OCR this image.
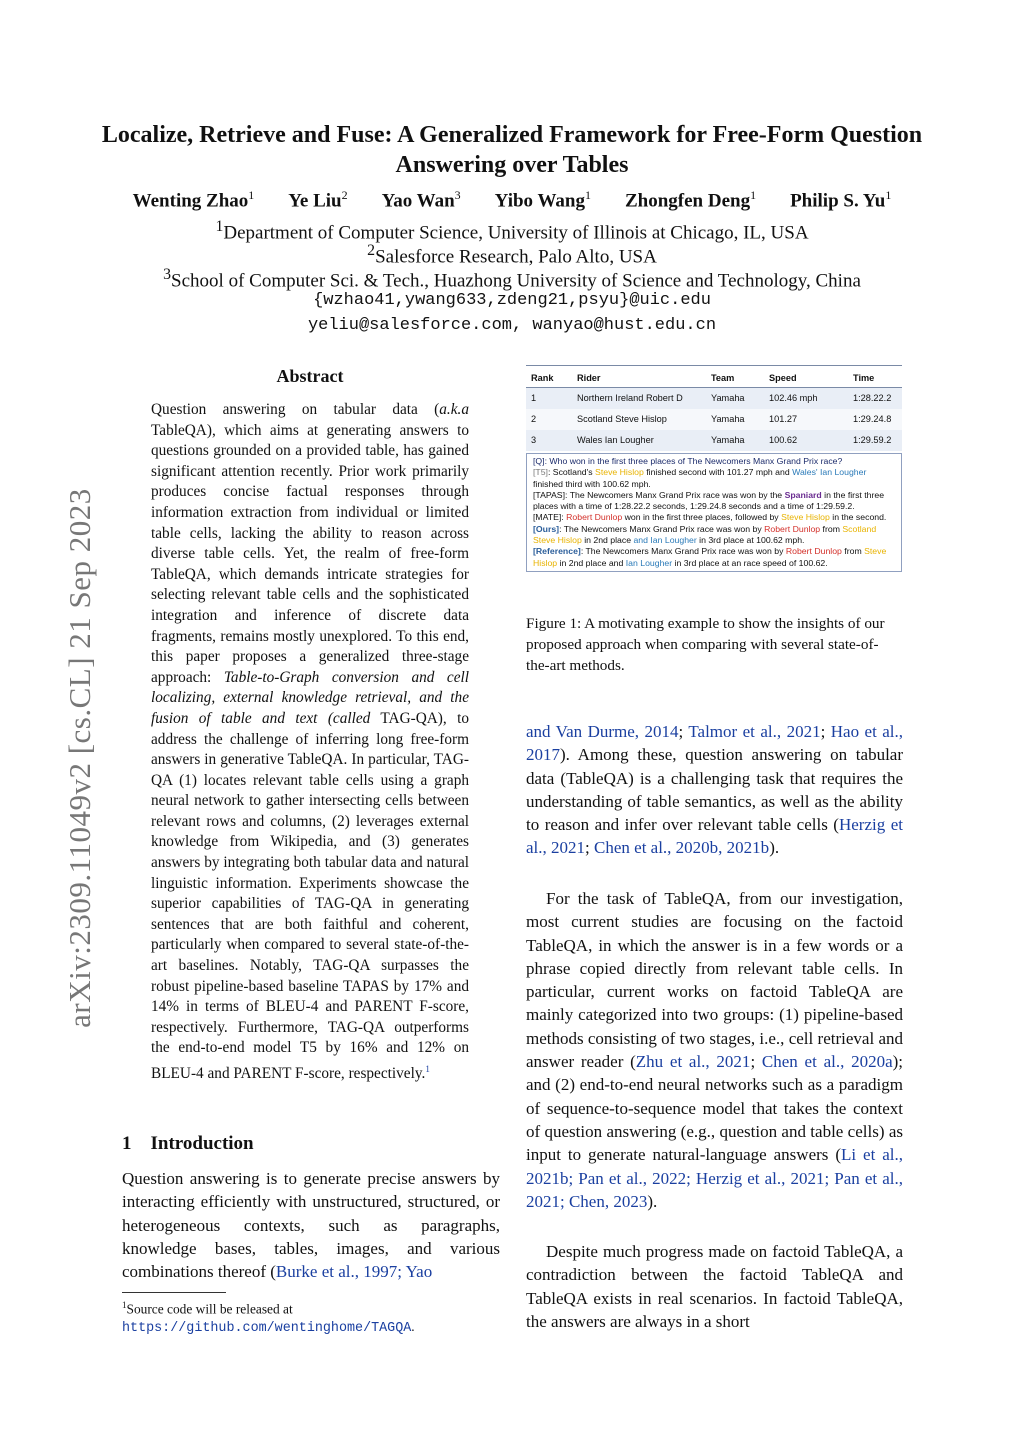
Localize, Retrieve and Fuse: A Generalized Framework for Free-Form Question Answering over Tables
Wenting Zhao$^1$ Ye Liu$^2$ Yao Wan$^3$ Yibo Wang$^1$ Zhongfen Deng$^1$ Philip S. Yu$^1$
$^1$Department of Computer Science, University of Illinois at Chicago, IL, USA
$^2$Salesforce Research, Palo Alto, USA
$^3$School of Computer Sci. & Tech., Huazhong University of Science and Technology, China
{wzhao41,ywang633,zdeng21,psyu}@uic.edu
yeliu@salesforce.com, wanyao@hust.edu.cn
arXiv:2309.11049v2 [cs.CL] 21 Sep 2023
Abstract
Question answering on tabular data (a.k.a TableQA), which aims at generating answers to questions grounded on a provided table, has gained significant attention recently. Prior work primarily produces concise factual responses through information extraction from individual or limited table cells, lacking the ability to reason across diverse table cells. Yet, the realm of free-form TableQA, which demands intricate strategies for selecting relevant table cells and the sophisticated integration and inference of discrete data fragments, remains mostly unexplored. To this end, this paper proposes a generalized three-stage approach: Table-to-Graph conversion and cell localizing, external knowledge retrieval, and the fusion of table and text (called TAG-QA), to address the challenge of inferring long free-form answers in generative TableQA. In particular, TAG-QA (1) locates relevant table cells using a graph neural network to gather intersecting cells between relevant rows and columns, (2) leverages external knowledge from Wikipedia, and (3) generates answers by integrating both tabular data and natural linguistic information. Experiments showcase the superior capabilities of TAG-QA in generating sentences that are both faithful and coherent, particularly when compared to several state-of-the-art baselines. Notably, TAG-QA surpasses the robust pipeline-based baseline TAPAS by 17% and 14% in terms of BLEU-4 and PARENT F-score, respectively. Furthermore, TAG-QA outperforms the end-to-end model T5 by 16% and 12% on BLEU-4 and PARENT F-score, respectively.$^1$
1 Introduction
Question answering is to generate precise answers by interacting efficiently with unstructured, structured, or heterogeneous contexts, such as paragraphs, knowledge bases, tables, images, and various combinations thereof (Burke et al., 1997; Yao
$^1$Source code will be released at https://github.com/wentinghome/TAGQA.
Rank	Rider	Team	Speed	Time
1	Northern Ireland Robert D	Yamaha	102.46 mph	1:28.22.2
2	Scotland Steve Hislop	Yamaha	101.27	1:29.24.8
3	Wales Ian Lougher	Yamaha	100.62	1:29.59.2
[Q]: Who won in the first three places of The Newcomers Manx Grand Prix race?
[T5]: Scotland's Steve Hislop finished second with 101.27 mph and Wales' Ian Lougher finished third with 100.62 mph.
[TAPAS]: The Newcomers Manx Grand Prix race was won by the Spaniard in the first three places with a time of 1:28.22.2 seconds, 1:29.24.8 seconds and a time of 1:29.59.2.
[MATE]: Robert Dunlop won in the first three places, followed by Steve Hislop in the second.
[Ours]: The Newcomers Manx Grand Prix race was won by Robert Dunlop from Scotland Steve Hislop in 2nd place and Ian Lougher in 3rd place at 100.62 mph.
[Reference]: The Newcomers Manx Grand Prix race was won by Robert Dunlop from Steve Hislop in 2nd place and Ian Lougher in 3rd place at an race speed of 100.62.
Figure 1: A motivating example to show the insights of our proposed approach when comparing with several state-of-the-art methods.
and Van Durme, 2014; Talmor et al., 2021; Hao et al., 2017). Among these, question answering on tabular data (TableQA) is a challenging task that requires the understanding of table semantics, as well as the ability to reason and infer over relevant table cells (Herzig et al., 2021; Chen et al., 2020b, 2021b).
For the task of TableQA, from our investigation, most current studies are focusing on the factoid TableQA, in which the answer is in a few words or a phrase copied directly from relevant table cells. In particular, current works on factoid TableQA are mainly categorized into two groups: (1) pipeline-based methods consisting of two stages, i.e., cell retrieval and answer reader (Zhu et al., 2021; Chen et al., 2020a); and (2) end-to-end neural networks such as a paradigm of sequence-to-sequence model that takes the context of question answering (e.g., question and table cells) as input to generate natural-language answers (Li et al., 2021b; Pan et al., 2022; Herzig et al., 2021; Pan et al., 2021; Chen, 2023).
Despite much progress made on factoid TableQA, a contradiction between the factoid TableQA and TableQA exists in real scenarios. In factoid TableQA, the answers are always in a short
